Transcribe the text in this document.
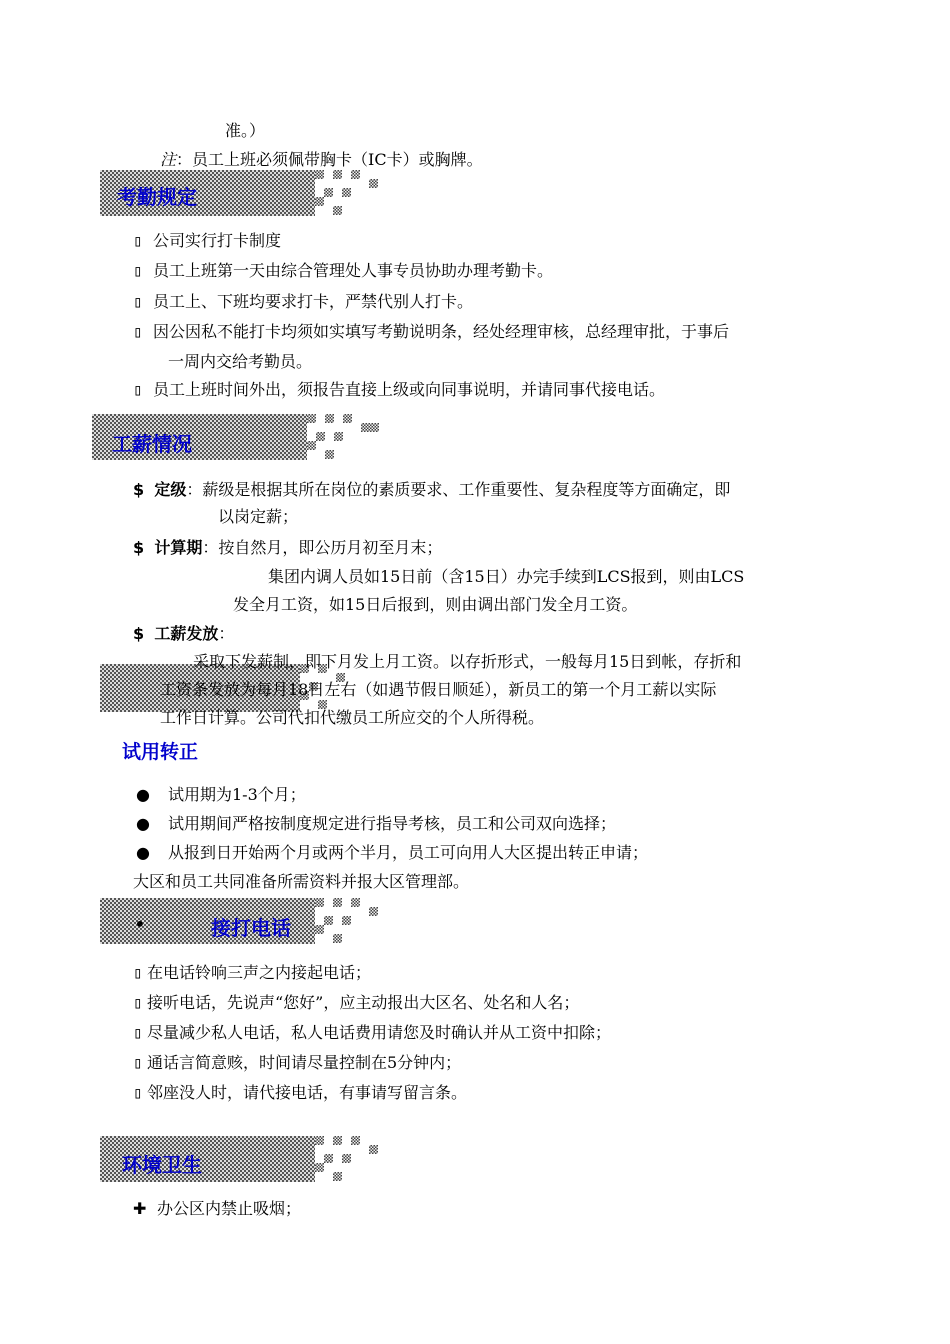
准。）
注：员工上班必须佩带胸卡（IC卡）或胸牌。
考勤规定
▯ 公司实行打卡制度
▯ 员工上班第一天由综合管理处人事专员协助办理考勤卡。
▯ 员工上、下班均要求打卡，严禁代别人打卡。
▯ 因公因私不能打卡均须如实填写考勤说明条，经处经理审核，总经理审批，于事后
一周内交给考勤员。
▯ 员工上班时间外出，须报告直接上级或向同事说明，并请同事代接电话。
工薪情况
$ 定级：薪级是根据其所在岗位的素质要求、工作重要性、复杂程度等方面确定，即
以岗定薪；
$ 计算期：按自然月，即公历月初至月末；
集团内调人员如15日前（含15日）办完手续到LCS报到，则由LCS
发全月工资，如15日后报到，则由调出部门发全月工资。
$ 工薪发放：
采取下发薪制，即下月发上月工资。以存折形式，一般每月15日到帐，存折和
工资条发放为每月18日左右（如遇节假日顺延），新员工的第一个月工薪以实际
工作日计算。公司代扣代缴员工所应交的个人所得税。
试用转正
● 试用期为1-3个月；
● 试用期间严格按制度规定进行指导考核，员工和公司双向选择；
● 从报到日开始两个月或两个半月，员工可向用人大区提出转正申请；
大区和员工共同准备所需资料并报大区管理部。
•	接打电话
▯ 在电话铃响三声之内接起电话；
▯ 接听电话，先说声“您好”，应主动报出大区名、处名和人名；
▯ 尽量减少私人电话，私人电话费用请您及时确认并从工资中扣除；
▯ 通话言简意赅，时间请尽量控制在5分钟内；
▯ 邻座没人时，请代接电话，有事请写留言条。
环境卫生
✚ 办公区内禁止吸烟；
